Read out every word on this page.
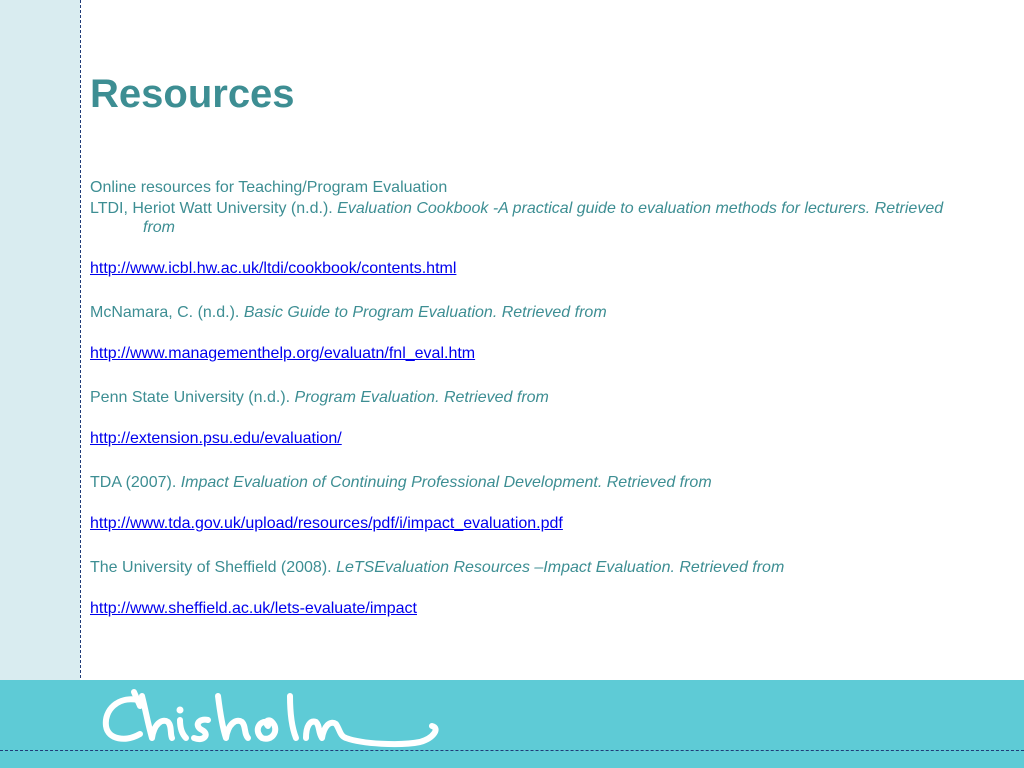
Resources

Online resources for Teaching/Program Evaluation

LTDI, Heriot Watt University (n.d.). Evaluation Cookbook -A practical guide to evaluation methods for lecturers. Retrieved from

http://www.icbl.hw.ac.uk/ltdi/cookbook/contents.html

McNamara, C. (n.d.). Basic Guide to Program Evaluation. Retrieved from

http://www.managementhelp.org/evaluatn/fnl_eval.htm

Penn State University (n.d.). Program Evaluation. Retrieved from

http://extension.psu.edu/evaluation/

TDA (2007). Impact Evaluation of Continuing Professional Development. Retrieved from

http://www.tda.gov.uk/upload/resources/pdf/i/impact_evaluation.pdf

The University of Sheffield (2008). LeTSEvaluation Resources –Impact Evaluation. Retrieved from

http://www.sheffield.ac.uk/lets-evaluate/impact
